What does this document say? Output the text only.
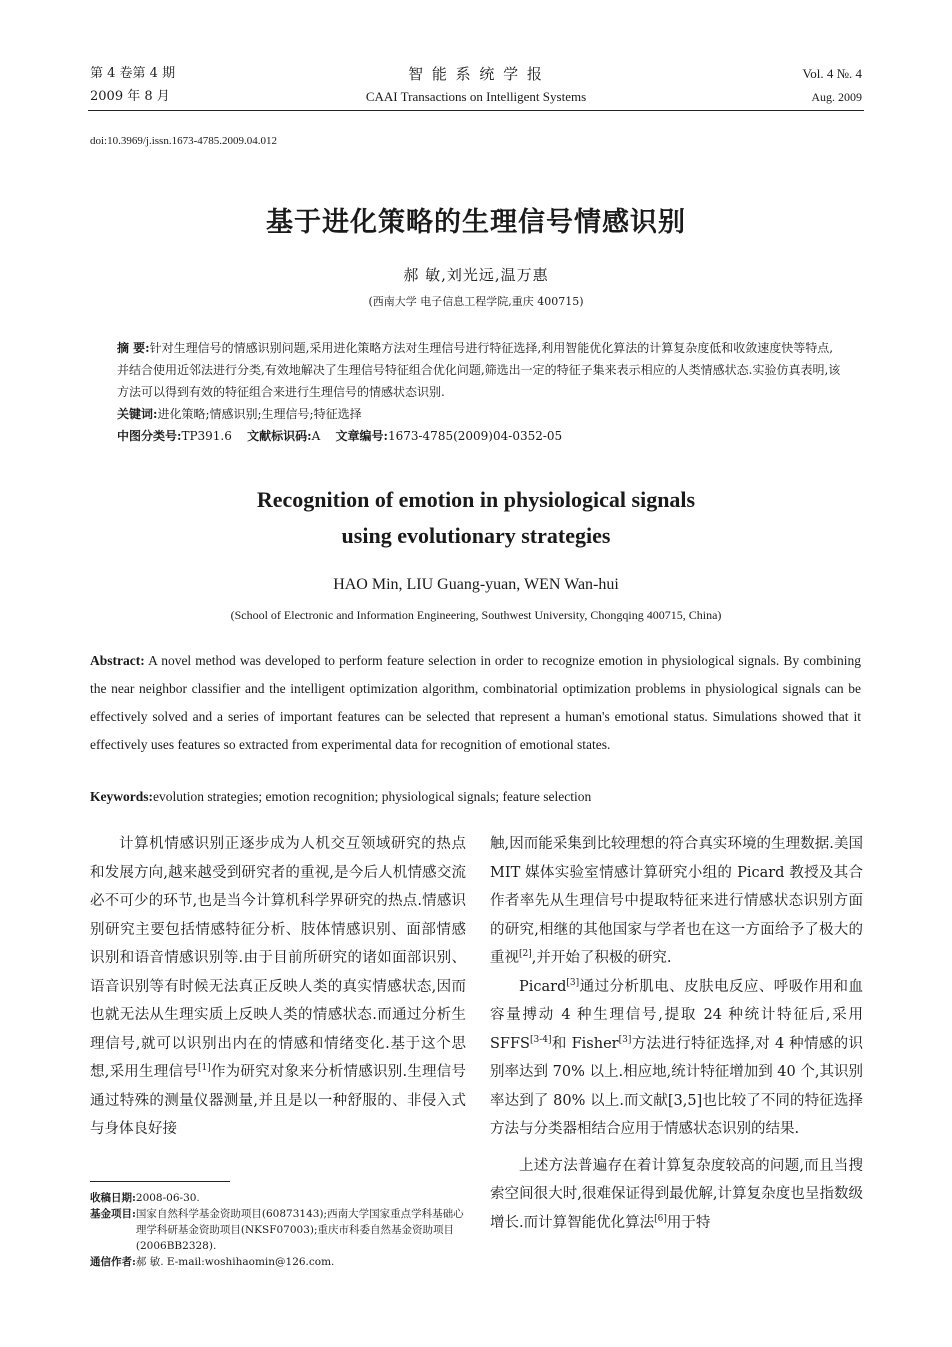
第 4 卷第 4 期
2009 年 8 月
智 能 系 统 学 报
CAAI Transactions on Intelligent Systems
Vol. 4 №. 4
Aug. 2009
doi:10.3969/j.issn.1673-4785.2009.04.012
基于进化策略的生理信号情感识别
郝 敏,刘光远,温万惠
(西南大学 电子信息工程学院,重庆 400715)

摘 要:针对生理信号的情感识别问题,采用进化策略方法对生理信号进行特征选择,利用智能优化算法的计算复杂度低和收敛速度快等特点,并结合使用近邻法进行分类,有效地解决了生理信号特征组合优化问题,筛选出一定的特征子集来表示相应的人类情感状态.实验仿真表明,该方法可以得到有效的特征组合来进行生理信号的情感状态识别.

关键词:进化策略;情感识别;生理信号;特征选择

中图分类号:TP391.6 文献标识码:A 文章编号:1673-4785(2009)04-0352-05

Recognition of emotion in physiological signals
using evolutionary strategies
HAO Min, LIU Guang-yuan, WEN Wan-hui
(School of Electronic and Information Engineering, Southwest University, Chongqing 400715, China)
Abstract: A novel method was developed to perform feature selection in order to recognize emotion in physiological signals. By combining the near neighbor classifier and the intelligent optimization algorithm, combinatorial optimization problems in physiological signals can be effectively solved and a series of important features can be selected that represent a human's emotional status. Simulations showed that it effectively uses features so extracted from experimental data for recognition of emotional states.
Keywords:evolution strategies; emotion recognition; physiological signals; feature selection

计算机情感识别正逐步成为人机交互领域研究的热点和发展方向,越来越受到研究者的重视,是今后人机情感交流必不可少的环节,也是当今计算机科学界研究的热点.情感识别研究主要包括情感特征分析、肢体情感识别、面部情感识别和语音情感识别等.由于目前所研究的诸如面部识别、语音识别等有时候无法真正反映人类的真实情感状态,因而也就无法从生理实质上反映人类的情感状态.而通过分析生理信号,就可以识别出内在的情感和情绪变化.基于这个思想,采用生理信号[1]作为研究对象来分析情感识别.生理信号通过特殊的测量仪器测量,并且是以一种舒服的、非侵入式与身体良好接

收稿日期: 2008-06-30.
基金项目: 国家自然科学基金资助项目(60873143);西南大学国家重点学科基础心理学科研基金资助项目(NKSF07003);重庆市科委自然基金资助项目(2006BB2328).
通信作者: 郝 敏. E-mail:woshihaomin@126.com.

触,因而能采集到比较理想的符合真实环境的生理数据.美国 MIT 媒体实验室情感计算研究小组的 Picard 教授及其合作者率先从生理信号中提取特征来进行情感状态识别方面的研究,相继的其他国家与学者也在这一方面给予了极大的重视[2],并开始了积极的研究.

Picard[3]通过分析肌电、皮肤电反应、呼吸作用和血容量搏动 4 种生理信号,提取 24 种统计特征后,采用 SFFS[3-4]和 Fisher[3]方法进行特征选择,对 4 种情感的识别率达到 70% 以上.相应地,统计特征增加到 40 个,其识别率达到了 80% 以上.而文献[3,5]也比较了不同的特征选择方法与分类器相结合应用于情感状态识别的结果.

上述方法普遍存在着计算复杂度较高的问题,而且当搜索空间很大时,很难保证得到最优解,计算复杂度也呈指数级增长.而计算智能优化算法[6]用于特
